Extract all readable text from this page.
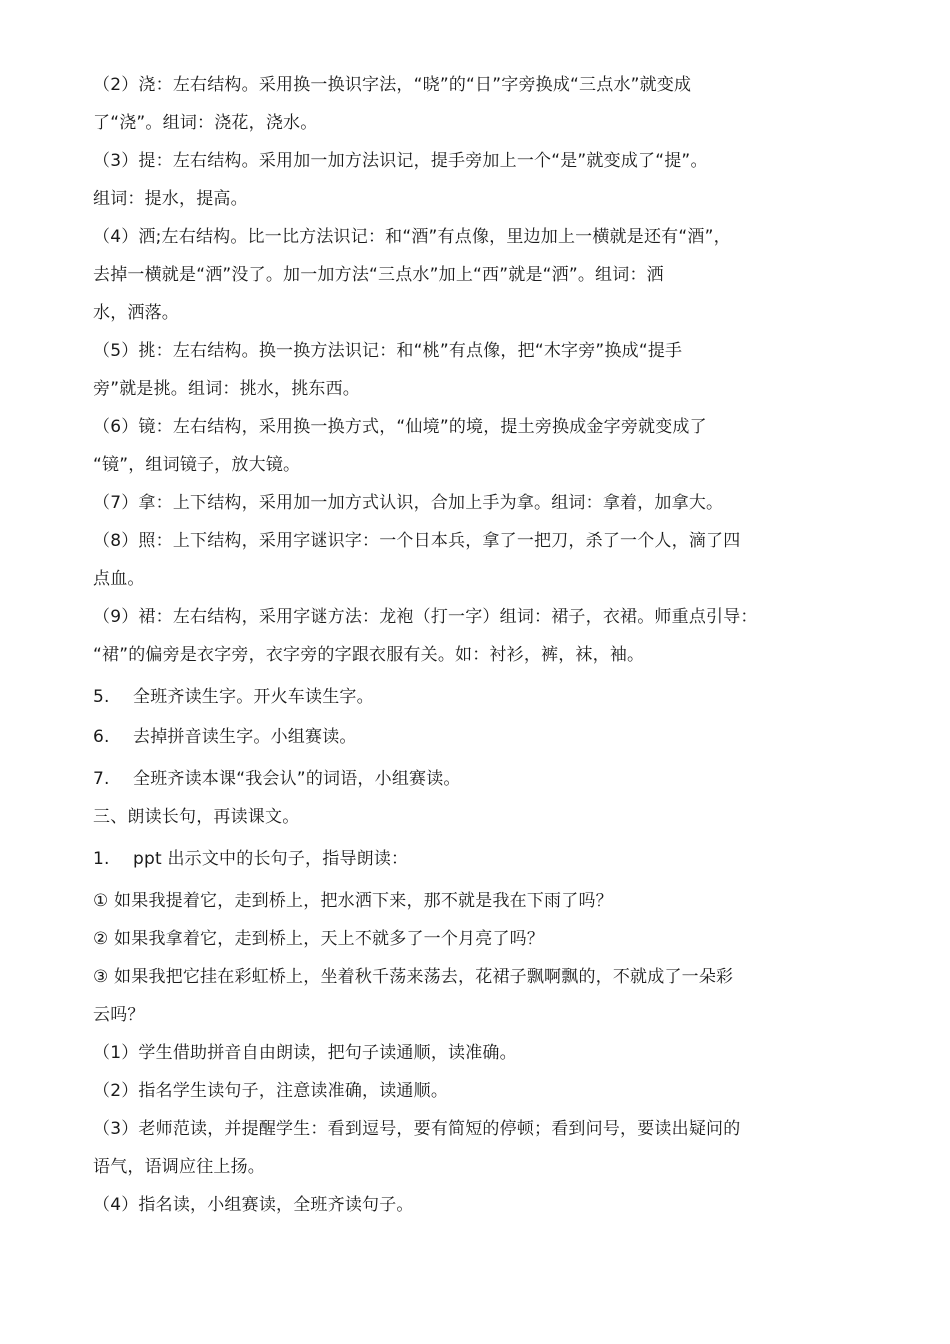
（2）浇：左右结构。采用换一换识字法，“晓”的“日”字旁换成“三点水”就变成
了“浇”。组词：浇花，浇水。
（3）提：左右结构。采用加一加方法识记，提手旁加上一个“是”就变成了“提”。
组词：提水，提高。
（4）洒;左右结构。比一比方法识记：和“酒”有点像，里边加上一横就是还有“酒”，
去掉一横就是“洒”没了。加一加方法“三点水”加上“西”就是“洒”。组词：洒
水，洒落。
（5）挑：左右结构。换一换方法识记：和“桃”有点像，把“木字旁”换成“提手
旁”就是挑。组词：挑水，挑东西。
（6）镜：左右结构，采用换一换方式，“仙境”的境，提土旁换成金字旁就变成了
“镜”，组词镜子，放大镜。
（7）拿：上下结构，采用加一加方式认识，合加上手为拿。组词：拿着，加拿大。
（8）照：上下结构，采用字谜识字：一个日本兵，拿了一把刀，杀了一个人，滴了四
点血。
（9）裙：左右结构，采用字谜方法：龙袍（打一字）组词：裙子，衣裙。师重点引导：
“裙”的偏旁是衣字旁，衣字旁的字跟衣服有关。如：衬衫，裤，袜，袖。
5.	全班齐读生字。开火车读生字。
6.	去掉拼音读生字。小组赛读。
7.	全班齐读本课“我会认”的词语，小组赛读。
三、朗读长句，再读课文。
1.	ppt 出示文中的长句子，指导朗读：
① 如果我提着它，走到桥上，把水洒下来，那不就是我在下雨了吗？
② 如果我拿着它，走到桥上，天上不就多了一个月亮了吗？
③ 如果我把它挂在彩虹桥上，坐着秋千荡来荡去，花裙子飘啊飘的，不就成了一朵彩
云吗？
（1）学生借助拼音自由朗读，把句子读通顺，读准确。
（2）指名学生读句子，注意读准确，读通顺。
（3）老师范读，并提醒学生：看到逗号，要有简短的停顿；看到问号，要读出疑问的
语气，语调应往上扬。
（4）指名读，小组赛读，全班齐读句子。
